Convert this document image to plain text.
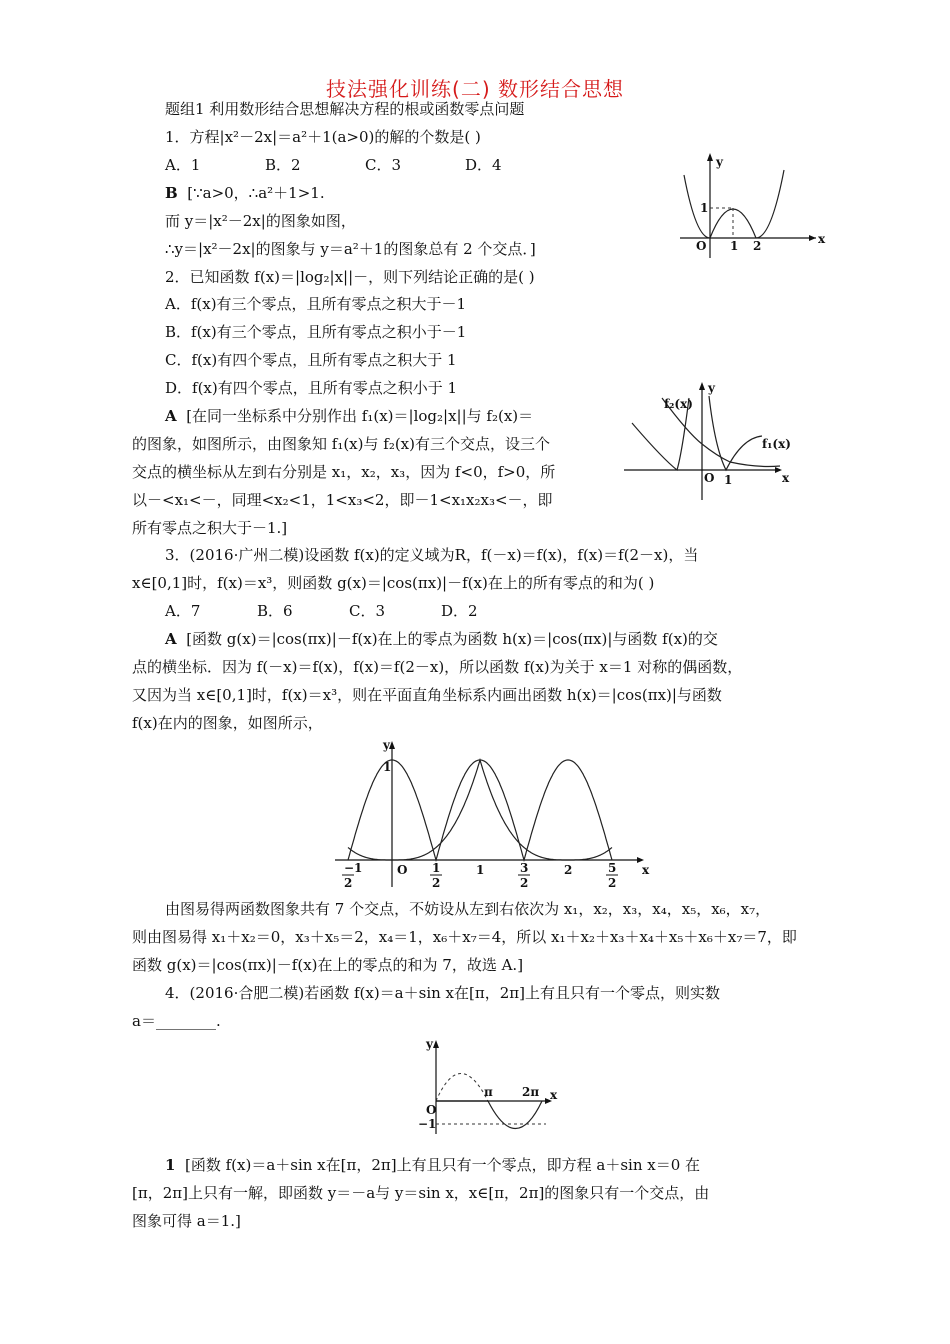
技法强化训练(二) 数形结合思想
题组1 利用数形结合思想解决方程的根或函数零点问题
1．方程|x²－2x|＝a²＋1(a>0)的解的个数是( )
A．1	B．2	C．3	D．4
B [∵a>0，∴a²＋1>1.
而 y＝|x²－2x|的图象如图，
∴y＝|x²－2x|的图象与 y＝a²＋1的图象总有 2 个交点．]
y
x
O 1 2
1
2．已知函数 f(x)＝|log₂|x||－，则下列结论正确的是( )
A．f(x)有三个零点，且所有零点之积大于－1
B．f(x)有三个零点，且所有零点之积小于－1
C．f(x)有四个零点，且所有零点之积大于 1
D．f(x)有四个零点，且所有零点之积小于 1
A [在同一坐标系中分别作出 f₁(x)＝|log₂|x||与 f₂(x)＝
的图象，如图所示，由图象知 f₁(x)与 f₂(x)有三个交点，设三个
交点的横坐标从左到右分别是 x₁，x₂，x₃，因为 f<0，f>0，所
以－<x₁<－，同理<x₂<1，1<x₃<2，即－1<x₁x₂x₃<－，即
所有零点之积大于－1.]
y
x
O 1
f₂(x)
f₁(x)
3．(2016·广州二模)设函数 f(x)的定义域为R，f(－x)＝f(x)，f(x)＝f(2－x)，当
x∈[0,1]时，f(x)＝x³，则函数 g(x)＝|cos(πx)|－f(x)在上的所有零点的和为( )
A．7	B．6	C．3	D．2
A [函数 g(x)＝|cos(πx)|－f(x)在上的零点为函数 h(x)＝|cos(πx)|与函数 f(x)的交
点的横坐标．因为 f(－x)＝f(x)，f(x)＝f(2－x)，所以函数 f(x)为关于 x＝1 对称的偶函数，
又因为当 x∈[0,1]时，f(x)＝x³，则在平面直角坐标系内画出函数 h(x)＝|cos(πx)|与函数
f(x)在内的图象，如图所示，
y
x
O
1
−1
2
1
2
1	3
2
2	5
2
由图易得两函数图象共有 7 个交点，不妨设从左到右依次为 x₁，x₂，x₃，x₄，x₅，x₆，x₇，
则由图易得 x₁＋x₂＝0，x₃＋x₅＝2，x₄＝1，x₆＋x₇＝4，所以 x₁＋x₂＋x₃＋x₄＋x₅＋x₆＋x₇＝7，即
函数 g(x)＝|cos(πx)|－f(x)在上的零点的和为 7，故选 A.]
4．(2016·合肥二模)若函数 f(x)＝a＋sin x在[π，2π]上有且只有一个零点，则实数
a＝________.
y
x
O
π 2π
−1
1 [函数 f(x)＝a＋sin x在[π，2π]上有且只有一个零点，即方程 a＋sin x＝0 在
[π，2π]上只有一解，即函数 y＝－a与 y＝sin x，x∈[π，2π]的图象只有一个交点，由
图象可得 a＝1.]
